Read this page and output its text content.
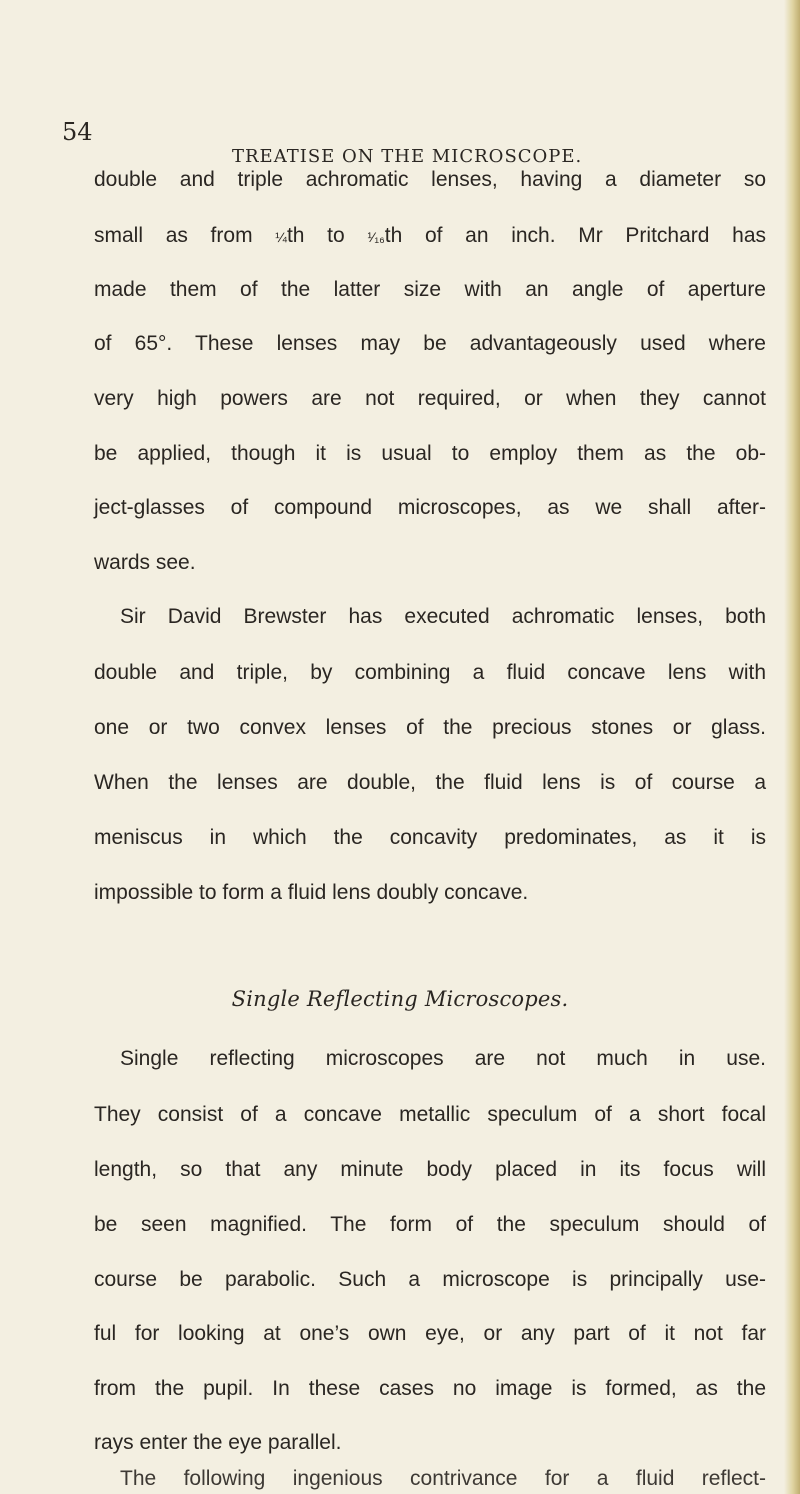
54
TREATISE ON THE MICROSCOPE.
double and triple achromatic lenses, having a diameter so
small as from ¼th to ¹⁄₁₆th of an inch. Mr Pritchard has
made them of the latter size with an angle of aperture
of 65°. These lenses may be advantageously used where
very high powers are not required, or when they cannot
be applied, though it is usual to employ them as the ob-
ject-glasses of compound microscopes, as we shall after-
wards see.
Sir David Brewster has executed achromatic lenses, both
double and triple, by combining a fluid concave lens with
one or two convex lenses of the precious stones or glass.
When the lenses are double, the fluid lens is of course a
meniscus in which the concavity predominates, as it is
impossible to form a fluid lens doubly concave.
Single Reflecting Microscopes.
Single reflecting microscopes are not much in use.
They consist of a concave metallic speculum of a short focal
length, so that any minute body placed in its focus will
be seen magnified. The form of the speculum should of
course be parabolic. Such a microscope is principally use-
ful for looking at one’s own eye, or any part of it not far
from the pupil. In these cases no image is formed, as the
rays enter the eye parallel.
The following ingenious contrivance for a fluid reflect-
